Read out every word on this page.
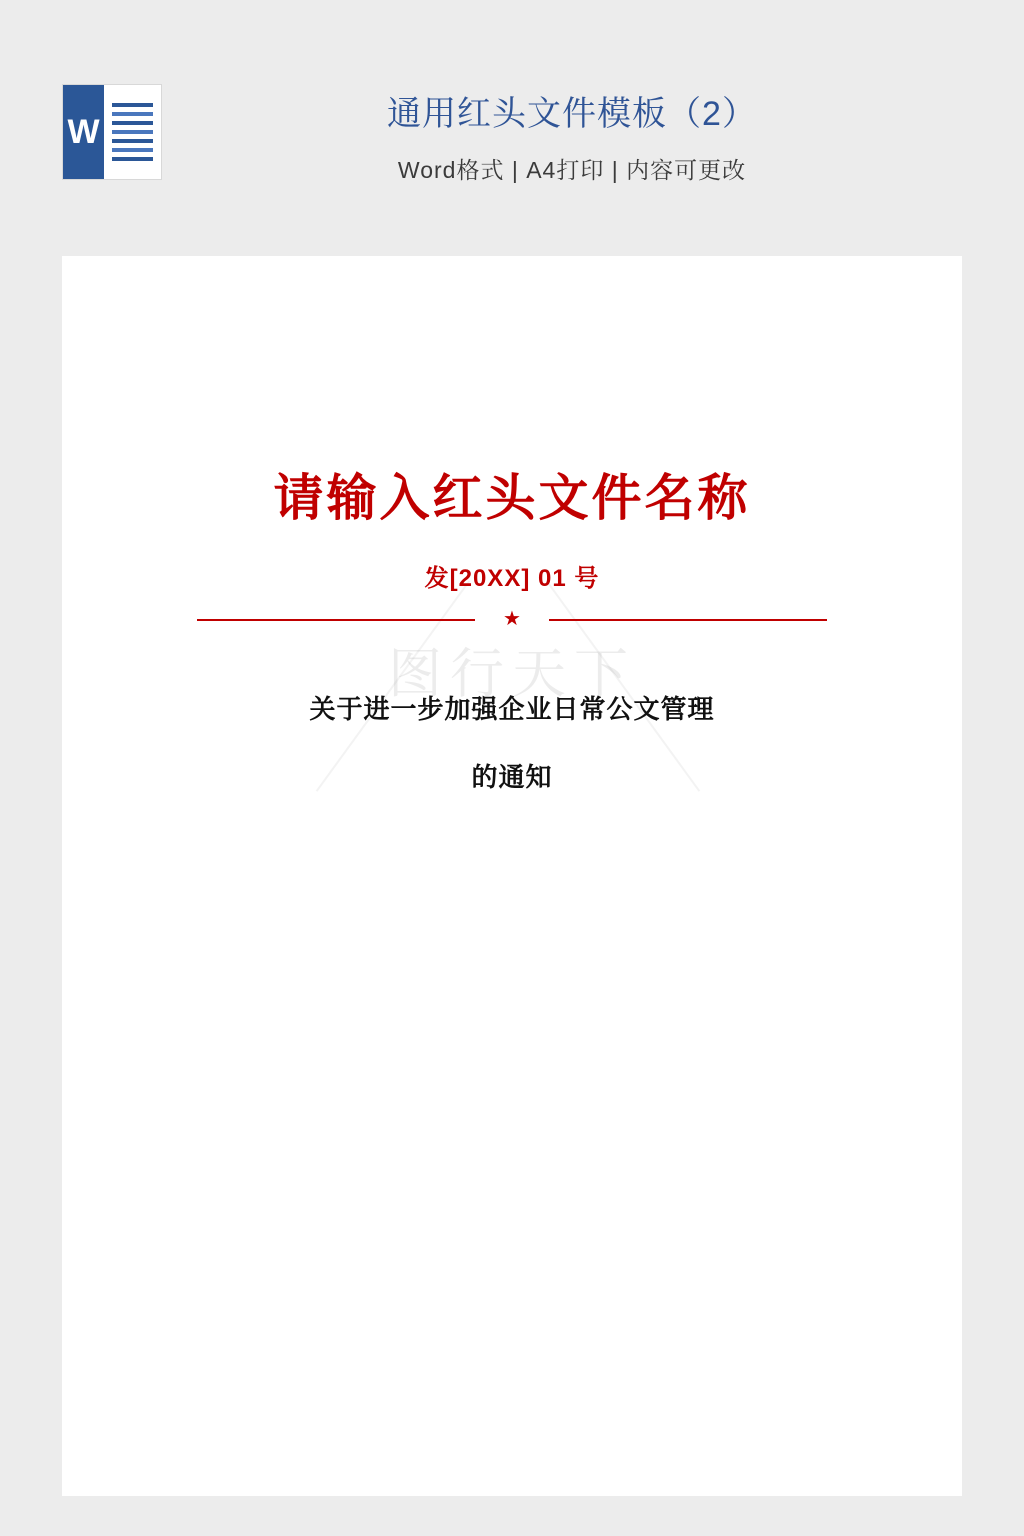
W	通用红头文件模板（2）
Word格式 | A4打印 | 内容可更改
图行天下
请输入红头文件名称
发[20XX] 01 号
★
关于进一步加强企业日常公文管理
的通知
